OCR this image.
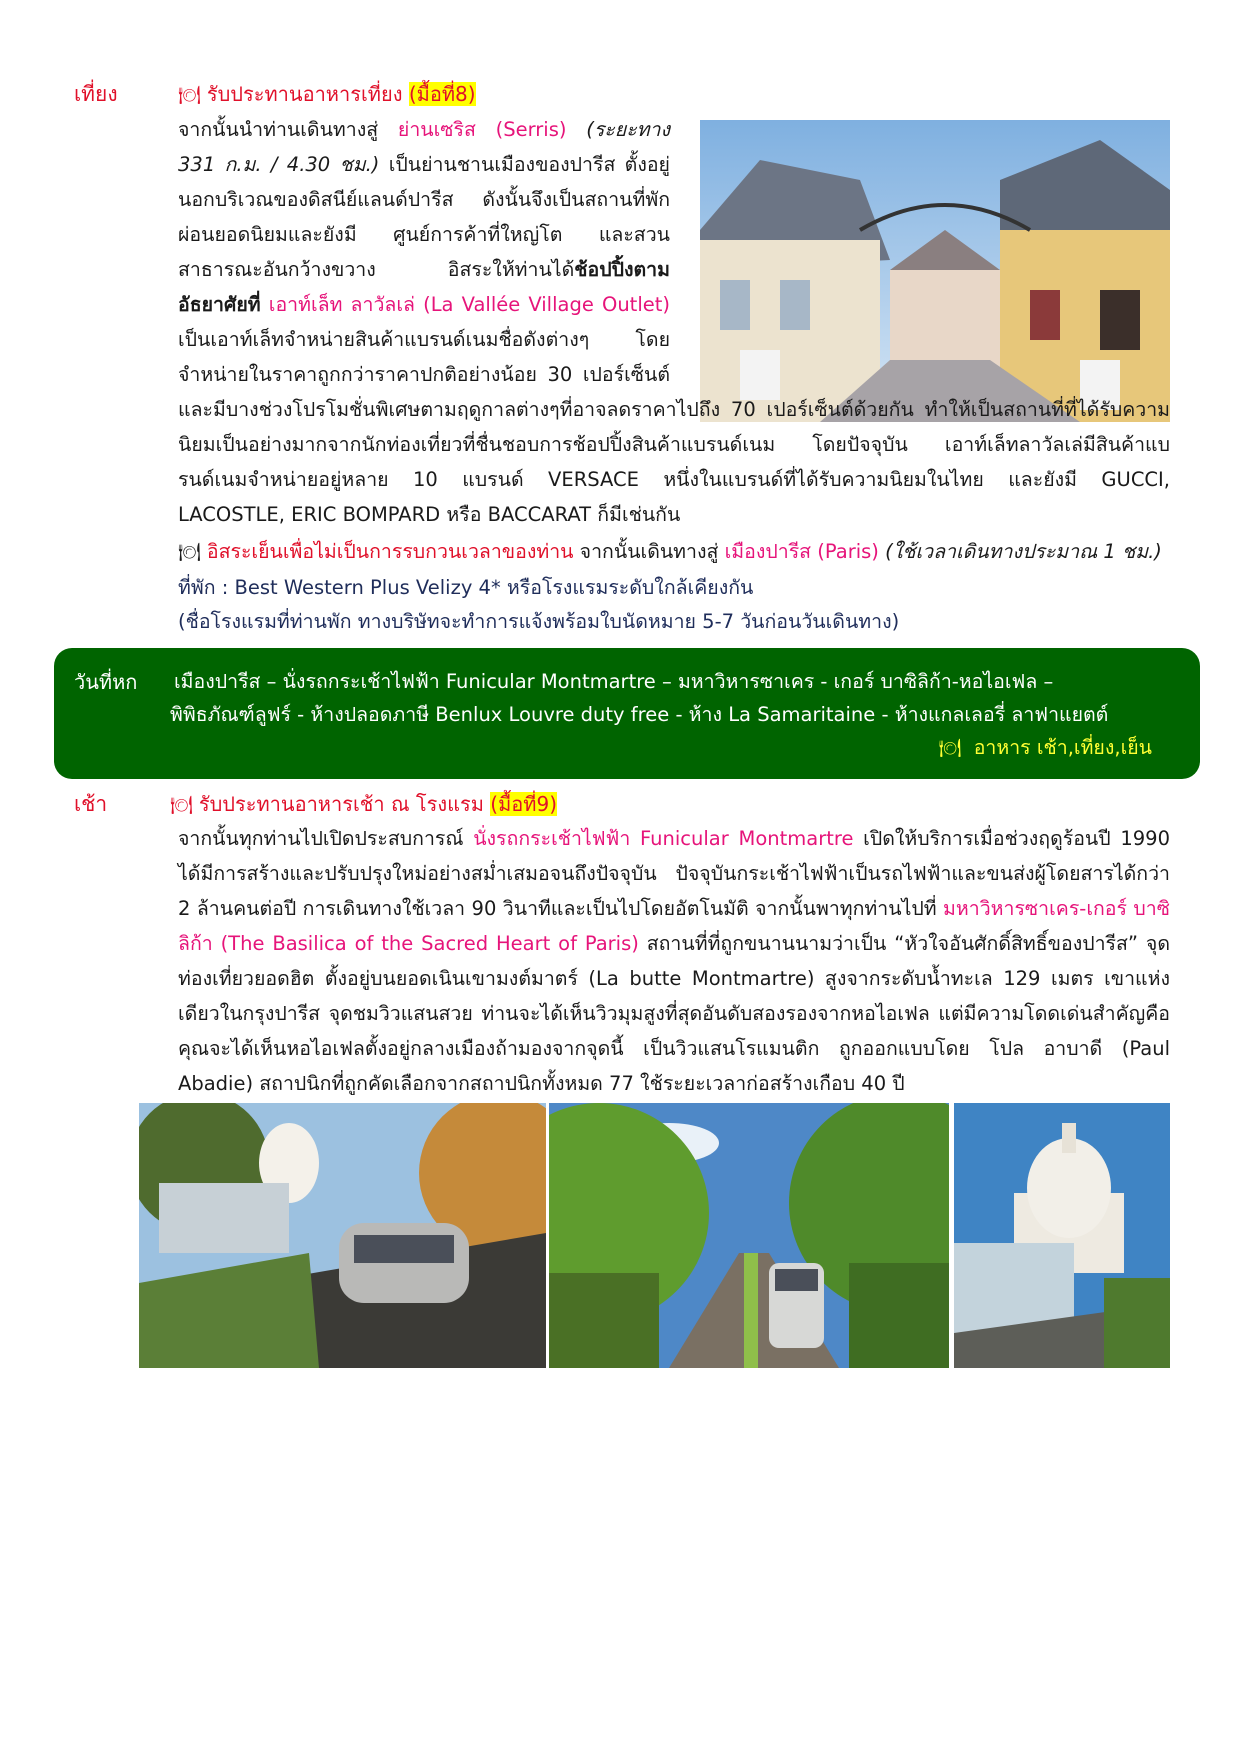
เที่ยง	🍽 รับประทานอาหารเที่ยง (มื้อที่8)
จากนั้นนำท่านเดินทางสู่ ย่านเซริส (Serris) (ระยะทาง 331 ก.ม. / 4.30 ชม.) เป็นย่านชานเมืองของปารีส ตั้งอยู่นอกบริเวณของดิสนีย์แลนด์ปารีส ดังนั้นจึงเป็นสถานที่พักผ่อนยอดนิยมและยังมี ศูนย์การค้าที่ใหญ่โต และสวนสาธารณะอันกว้างขวาง อิสระให้ท่านได้ช้อปปิ้งตามอัธยาศัยที่ เอาท์เล็ท ลาวัลเล่ (La Vallée Village Outlet) เป็นเอาท์เล็ทจำหน่ายสินค้าแบรนด์เนมชื่อดังต่างๆ โดยจำหน่ายในราคาถูกกว่าราคาปกติอย่างน้อย 30 เปอร์เซ็นต์ และมีบางช่วงโปรโมชั่นพิเศษตามฤดูกาลต่างๆที่อาจลดราคาไปถึง 70 เปอร์เซ็นต์ด้วยกัน ทำให้เป็นสถานที่ที่ได้รับความนิยมเป็นอย่างมากจากนักท่องเที่ยวที่ชื่นชอบการช้อปปิ้งสินค้าแบรนด์เนม โดยปัจจุบัน เอาท์เล็ทลาวัลเล่มีสินค้าแบรนด์เนมจำหน่ายอยู่หลาย 10 แบรนด์ VERSACE หนึ่งในแบรนด์ที่ได้รับความนิยมในไทย และยังมี GUCCI, LACOSTLE, ERIC BOMPARD หรือ BACCARAT ก็มีเช่นกัน
🍽 อิสระเย็นเพื่อไม่เป็นการรบกวนเวลาของท่าน จากนั้นเดินทางสู่ เมืองปารีส (Paris) (ใช้เวลาเดินทางประมาณ 1 ชม.)
ที่พัก : Best Western Plus Velizy 4* หรือโรงแรมระดับใกล้เคียงกัน
(ชื่อโรงแรมที่ท่านพัก ทางบริษัทจะทำการแจ้งพร้อมใบนัดหมาย 5-7 วันก่อนวันเดินทาง)
วันที่หก เมืองปารีส – นั่งรถกระเช้าไฟฟ้า Funicular Montmartre – มหาวิหารซาเคร - เกอร์ บาซิลิก้า-หอไอเฟล –
พิพิธภัณฑ์ลูฟร์ - ห้างปลอดภาษี Benlux Louvre duty free - ห้าง La Samaritaine - ห้างแกลเลอรี่ ลาฟาแยตต์
🍽 อาหาร เช้า,เที่ยง,เย็น
เช้า	🍽 รับประทานอาหารเช้า ณ โรงแรม (มื้อที่9)
จากนั้นทุกท่านไปเปิดประสบการณ์ นั่งรถกระเช้าไฟฟ้า Funicular Montmartre เปิดให้บริการเมื่อช่วงฤดูร้อนปี 1990 ได้มีการสร้างและปรับปรุงใหม่อย่างสม่ำเสมอจนถึงปัจจุบัน ปัจจุบันกระเช้าไฟฟ้าเป็นรถไฟฟ้าและขนส่งผู้โดยสารได้กว่า 2 ล้านคนต่อปี การเดินทางใช้เวลา 90 วินาทีและเป็นไปโดยอัตโนมัติ จากนั้นพาทุกท่านไปที่ มหาวิหารซาเคร-เกอร์ บาซิลิก้า (The Basilica of the Sacred Heart of Paris) สถานที่ที่ถูกขนานนามว่าเป็น “หัวใจอันศักดิ์สิทธิ์ของปารีส” จุดท่องเที่ยวยอดฮิต ตั้งอยู่บนยอดเนินเขามงต์มาตร์ (La butte Montmartre) สูงจากระดับน้ำทะเล 129 เมตร เขาแห่งเดียวในกรุงปารีส จุดชมวิวแสนสวย ท่านจะได้เห็นวิวมุมสูงที่สุดอันดับสองรองจากหอไอเฟล แต่มีความโดดเด่นสำคัญคือคุณจะได้เห็นหอไอเฟลตั้งอยู่กลางเมืองถ้ามองจากจุดนี้ เป็นวิวแสนโรแมนติก ถูกออกแบบโดย โปล อาบาดี (Paul Abadie) สถาปนิกที่ถูกคัดเลือกจากสถาปนิกทั้งหมด 77 ใช้ระยะเวลาก่อสร้างเกือบ 40 ปี
